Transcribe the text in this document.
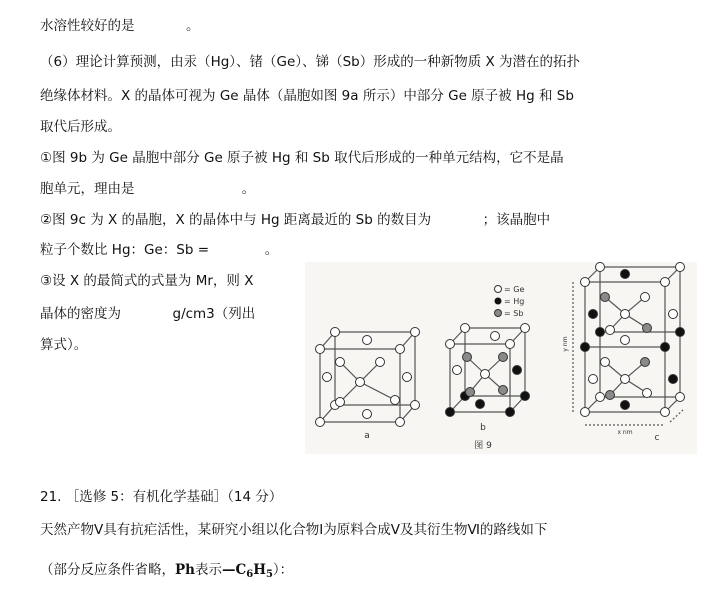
水溶性较好的是            。
（6）理论计算预测，由汞（Hg）、锗（Ge）、锑（Sb）形成的一种新物质 X 为潜在的拓扑
绝缘体材料。X 的晶体可视为 Ge 晶体（晶胞如图 9a 所示）中部分 Ge 原子被 Hg 和 Sb
取代后形成。
①图 9b 为 Ge 晶胞中部分 Ge 原子被 Hg 和 Sb 取代后形成的一种单元结构，它不是晶
胞单元，理由是                         。
②图 9c 为 X 的晶胞，X 的晶体中与 Hg 距离最近的 Sb 的数目为            ；该晶胞中
粒子个数比 Hg：Ge：Sb =             。
③设 X 的最简式的式量为 Mr，则 X
晶体的密度为            g/cm3（列出
算式）。
a
= Ge
= Hg
= Sb
b
图 9
y nm
x nm
c
21. ［选修 5：有机化学基础］（14 分）
天然产物Ⅴ具有抗疟活性，某研究小组以化合物Ⅰ为原料合成Ⅴ及其衍生物Ⅵ的路线如下
（部分反应条件省略，Ph表示$—C_6H_5$）：
